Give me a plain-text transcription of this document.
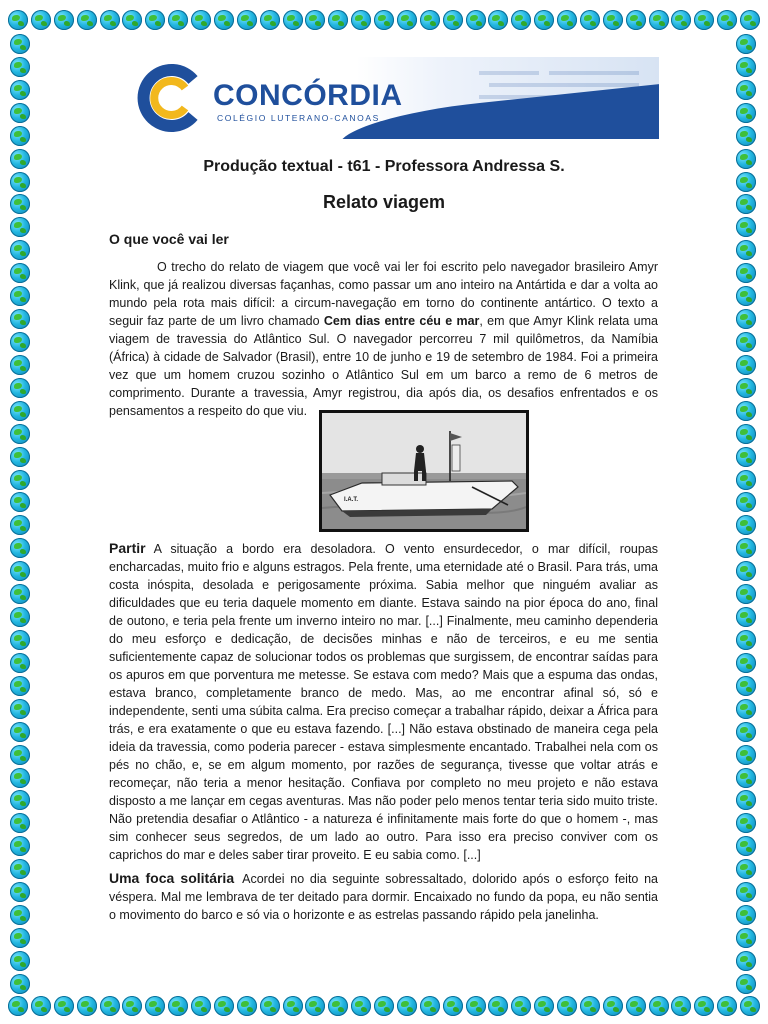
CONCÓRDIA
COLÉGIO LUTERANO-CANOAS
Produção textual - t61 - Professora Andressa S.
Relato viagem
O que você vai ler

O trecho do relato de viagem que você vai ler foi escrito pelo navegador brasileiro Amyr Klink, que já realizou diversas façanhas, como passar um ano inteiro na Antártida e dar a volta ao mundo pela rota mais difícil: a circum-navegação em torno do continente antártico. O texto a seguir faz parte de um livro chamado Cem dias entre céu e mar, em que Amyr Klink relata uma viagem de travessia do Atlântico Sul. O navegador percorreu 7 mil quilômetros, da Namíbia (África) à cidade de Salvador (Brasil), entre 10 de junho e 19 de setembro de 1984. Foi a primeira vez que um homem cruzou sozinho o Atlântico Sul em um barco a remo de 6 metros de comprimento. Durante a travessia, Amyr registrou, dia após dia, os desafios enfrentados e os pensamentos a respeito do que viu.

I.A.T.

Partir A situação a bordo era desoladora. O vento ensurdecedor, o mar difícil, roupas encharcadas, muito frio e alguns estragos. Pela frente, uma eternidade até o Brasil. Para trás, uma costa inóspita, desolada e perigosamente próxima. Sabia melhor que ninguém avaliar as dificuldades que eu teria daquele momento em diante. Estava saindo na pior época do ano, final de outono, e teria pela frente um inverno inteiro no mar. [...] Finalmente, meu caminho dependeria do meu esforço e dedicação, de decisões minhas e não de terceiros, e eu me sentia suficientemente capaz de solucionar todos os problemas que surgissem, de encontrar saídas para os apuros em que porventura me metesse. Se estava com medo? Mais que a espuma das ondas, estava branco, completamente branco de medo. Mas, ao me encontrar afinal só, só e independente, senti uma súbita calma. Era preciso começar a trabalhar rápido, deixar a África para trás, e era exatamente o que eu estava fazendo. [...] Não estava obstinado de maneira cega pela ideia da travessia, como poderia parecer - estava simplesmente encantado. Trabalhei nela com os pés no chão, e, se em algum momento, por razões de segurança, tivesse que voltar atrás e recomeçar, não teria a menor hesitação. Confiava por completo no meu projeto e não estava disposto a me lançar em cegas aventuras. Mas não poder pelo menos tentar teria sido muito triste. Não pretendia desafiar o Atlântico - a natureza é infinitamente mais forte do que o homem -, mas sim conhecer seus segredos, de um lado ao outro. Para isso era preciso conviver com os caprichos do mar e deles saber tirar proveito. E eu sabia como. [...]

Uma foca solitária Acordei no dia seguinte sobressaltado, dolorido após o esforço feito na véspera. Mal me lembrava de ter deitado para dormir. Encaixado no fundo da popa, eu não sentia o movimento do barco e só via o horizonte e as estrelas passando rápido pela janelinha.
